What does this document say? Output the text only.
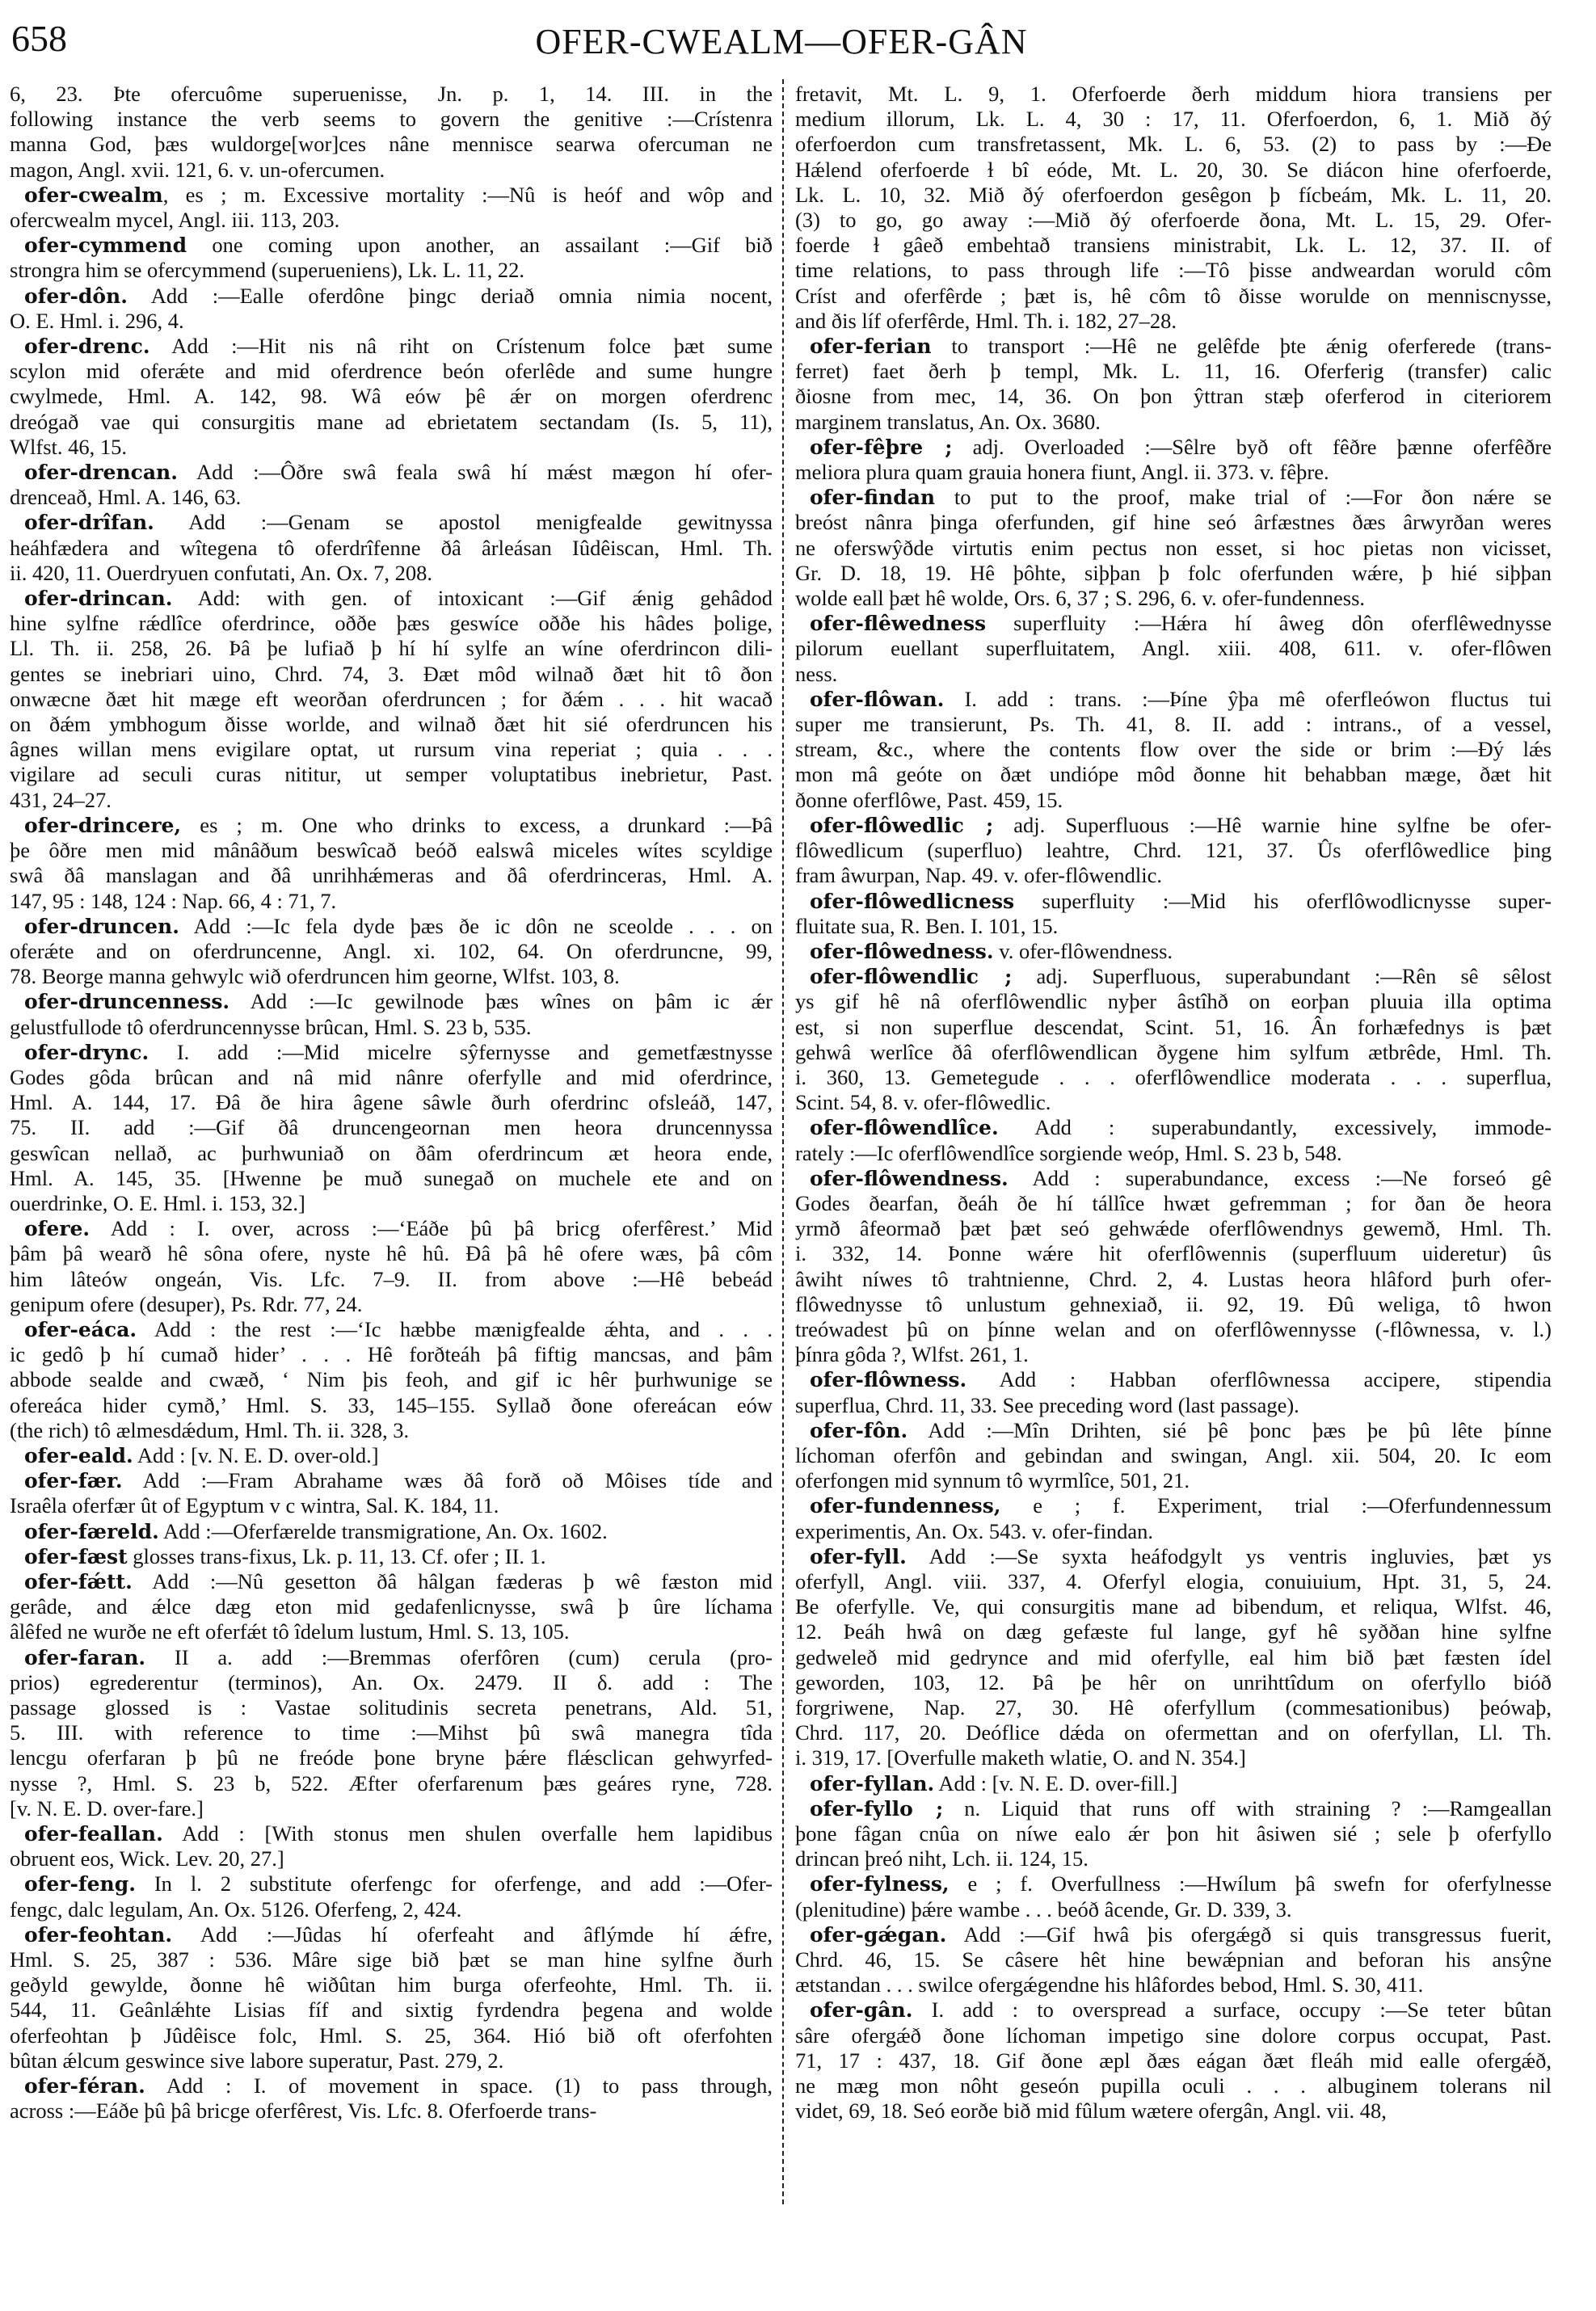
658	OFER-CWEALM—OFER-GÂN
6, 23. Þte ofercuôme superuenisse, Jn. p. 1, 14. III. in the
following instance the verb seems to govern the genitive :—Crístenra
manna God, þæs wuldorge[wor]ces nâne mennisce searwa ofercuman ne
magon, Angl. xvii. 121, 6. v. un-ofercumen.
ofer-cwealm, es ; m. Excessive mortality :—Nû is heóf and wôp and
ofercwealm mycel, Angl. iii. 113, 203.
ofer-cymmend one coming upon another, an assailant :—Gif bið
strongra him se ofercymmend (superueniens), Lk. L. 11, 22.
ofer-dôn. Add :—Ealle oferdône þingc deriað omnia nimia nocent,
O. E. Hml. i. 296, 4.
ofer-drenc. Add :—Hit nis nâ riht on Crístenum folce þæt sume
scylon mid oferǽte and mid oferdrence beón oferlêde and sume hungre
cwylmede, Hml. A. 142, 98. Wâ eów þê ǽr on morgen oferdrenc
dreógað vae qui consurgitis mane ad ebrietatem sectandam (Is. 5, 11),
Wlfst. 46, 15.
ofer-drencan. Add :—Ôðre swâ feala swâ hí mǽst mægon hí ofer-
drenceað, Hml. A. 146, 63.
ofer-drîfan. Add :—Genam se apostol menigfealde gewitnyssa
heáhfædera and wîtegena tô oferdrîfenne ðâ ârleásan Iûdêiscan, Hml. Th.
ii. 420, 11. Ouerdryuen confutati, An. Ox. 7, 208.
ofer-drincan. Add: with gen. of intoxicant :—Gif ǽnig gehâdod
hine sylfne rǽdlîce oferdrince, oððe þæs geswíce oððe his hâdes þolige,
Ll. Th. ii. 258, 26. Þâ þe lufiað þ hí hí sylfe an wíne oferdrincon dili-
gentes se inebriari uino, Chrd. 74, 3. Ðæt môd wilnað ðæt hit tô ðon
onwæcne ðæt hit mæge eft weorðan oferdruncen ; for ðǽm . . . hit wacað
on ðǽm ymbhogum ðisse worlde, and wilnað ðæt hit sié oferdruncen his
âgnes willan mens evigilare optat, ut rursum vina reperiat ; quia . . .
vigilare ad seculi curas nititur, ut semper voluptatibus inebrietur, Past.
431, 24–27.
ofer-drincere, es ; m. One who drinks to excess, a drunkard :—Þâ
þe ôðre men mid mânâðum beswîcað beóð ealswâ miceles wítes scyldige
swâ ðâ manslagan and ðâ unrihhǽmeras and ðâ oferdrinceras, Hml. A.
147, 95 : 148, 124 : Nap. 66, 4 : 71, 7.
ofer-druncen. Add :—Ic fela dyde þæs ðe ic dôn ne sceolde . . . on
oferǽte and on oferdruncenne, Angl. xi. 102, 64. On oferdruncne, 99,
78. Beorge manna gehwylc wið oferdruncen him georne, Wlfst. 103, 8.
ofer-druncenness. Add :—Ic gewilnode þæs wînes on þâm ic ǽr
gelustfullode tô oferdruncennysse brûcan, Hml. S. 23 b, 535.
ofer-drync. I. add :—Mid micelre sŷfernysse and gemetfæstnysse
Godes gôda brûcan and nâ mid nânre oferfylle and mid oferdrince,
Hml. A. 144, 17. Ðâ ðe hira âgene sâwle ðurh oferdrinc ofsleáð, 147,
75. II. add :—Gif ðâ druncengeornan men heora druncennyssa
geswîcan nellað, ac þurhwuniað on ðâm oferdrincum æt heora ende,
Hml. A. 145, 35. [Hwenne þe muð sunegað on muchele ete and on
ouerdrinke, O. E. Hml. i. 153, 32.]
ofere. Add : I. over, across :—‘Eáðe þû þâ bricg oferfêrest.’ Mid
þâm þâ wearð hê sôna ofere, nyste hê hû. Ðâ þâ hê ofere wæs, þâ côm
him lâteów ongeán, Vis. Lfc. 7–9. II. from above :—Hê bebeád
genipum ofere (desuper), Ps. Rdr. 77, 24.
ofer-eáca. Add : the rest :—‘Ic hæbbe mænigfealde ǽhta, and . . .
ic gedô þ hí cumað hider’ . . . Hê forðteáh þâ fiftig mancsas, and þâm
abbode sealde and cwæð, ‘ Nim þis feoh, and gif ic hêr þurhwunige se
ofereáca hider cymð,’ Hml. S. 33, 145–155. Syllað ðone ofereácan eów
(the rich) tô ælmesdǽdum, Hml. Th. ii. 328, 3.
ofer-eald. Add : [v. N. E. D. over-old.]
ofer-fær. Add :—Fram Abrahame wæs ðâ forð oð Môises tíde and
Israêla oferfær ût of Egyptum v c wintra, Sal. K. 184, 11.
ofer-færeld. Add :—Oferfærelde transmigratione, An. Ox. 1602.
ofer-fæst glosses trans-fixus, Lk. p. 11, 13. Cf. ofer ; II. 1.
ofer-fǽtt. Add :—Nû gesetton ðâ hâlgan fæderas þ wê fæston mid
gerâde, and ǽlce dæg eton mid gedafenlicnysse, swâ þ ûre líchama
âlêfed ne wurðe ne eft oferfǽt tô îdelum lustum, Hml. S. 13, 105.
ofer-faran. II a. add :—Bremmas oferfôren (cum) cerula (pro-
prios) egrederentur (terminos), An. Ox. 2479. II δ. add : The
passage glossed is : Vastae solitudinis secreta penetrans, Ald. 51,
5. III. with reference to time :—Mihst þû swâ manegra tîda
lencgu oferfaran þ þû ne freóde þone bryne þǽre flǽsclican gehwyrfed-
nysse ?, Hml. S. 23 b, 522. Æfter oferfarenum þæs geáres ryne, 728.
[v. N. E. D. over-fare.]
ofer-feallan. Add : [With stonus men shulen overfalle hem lapidibus
obruent eos, Wick. Lev. 20, 27.]
ofer-feng. In l. 2 substitute oferfengc for oferfenge, and add :—Ofer-
fengc, dalc legulam, An. Ox. 5126. Oferfeng, 2, 424.
ofer-feohtan. Add :—Jûdas hí oferfeaht and âflýmde hí ǽfre,
Hml. S. 25, 387 : 536. Mâre sige bið þæt se man hine sylfne ðurh
geðyld gewylde, ðonne hê wiðûtan him burga oferfeohte, Hml. Th. ii.
544, 11. Geânlǽhte Lisias fíf and sixtig fyrdendra þegena and wolde
oferfeohtan þ Jûdêisce folc, Hml. S. 25, 364. Hió bið oft oferfohten
bûtan ǽlcum geswince sive labore superatur, Past. 279, 2.
ofer-féran. Add : I. of movement in space. (1) to pass through,
across :—Eáðe þû þâ bricge oferfêrest, Vis. Lfc. 8. Oferfoerde trans-
fretavit, Mt. L. 9, 1. Oferfoerde ðerh middum hiora transiens per
medium illorum, Lk. L. 4, 30 : 17, 11. Oferfoerdon, 6, 1. Mið ðý
oferfoerdon cum transfretassent, Mk. L. 6, 53. (2) to pass by :—Ðe
Hǽlend oferfoerde ɫ bî eóde, Mt. L. 20, 30. Se diácon hine oferfoerde,
Lk. L. 10, 32. Mið ðý oferfoerdon gesêgon þ fícbeám, Mk. L. 11, 20.
(3) to go, go away :—Mið ðý oferfoerde ðona, Mt. L. 15, 29. Ofer-
foerde ɫ gâeð embehtað transiens ministrabit, Lk. L. 12, 37. II. of
time relations, to pass through life :—Tô þisse andweardan woruld côm
Críst and oferfêrde ; þæt is, hê côm tô ðisse worulde on menniscnysse,
and ðis líf oferfêrde, Hml. Th. i. 182, 27–28.
ofer-ferian to transport :—Hê ne gelêfde þte ǽnig oferferede (trans-
ferret) faet ðerh þ templ, Mk. L. 11, 16. Oferferig (transfer) calic
ðiosne from mec, 14, 36. On þon ŷttran stæþ oferferod in citeriorem
marginem translatus, An. Ox. 3680.
ofer-fêþre ; adj. Overloaded :—Sêlre byð oft fêðre þænne oferfêðre
meliora plura quam grauia honera fiunt, Angl. ii. 373. v. fêþre.
ofer-findan to put to the proof, make trial of :—For ðon nǽre se
breóst nânra þinga oferfunden, gif hine seó ârfæstnes ðæs ârwyrðan weres
ne oferswŷðde virtutis enim pectus non esset, si hoc pietas non vicisset,
Gr. D. 18, 19. Hê þôhte, siþþan þ folc oferfunden wǽre, þ hié siþþan
wolde eall þæt hê wolde, Ors. 6, 37 ; S. 296, 6. v. ofer-fundenness.
ofer-flêwedness superfluity :—Hǽra hí âweg dôn oferflêwednysse
pilorum euellant superfluitatem, Angl. xiii. 408, 611. v. ofer-flôwen
ness.
ofer-flôwan. I. add : trans. :—Þíne ŷþa mê oferfleówon fluctus tui
super me transierunt, Ps. Th. 41, 8. II. add : intrans., of a vessel,
stream, &c., where the contents flow over the side or brim :—Ðý lǽs
mon mâ geóte on ðæt undiópe môd ðonne hit behabban mæge, ðæt hit
ðonne oferflôwe, Past. 459, 15.
ofer-flôwedlic ; adj. Superfluous :—Hê warnie hine sylfne be ofer-
flôwedlicum (superfluo) leahtre, Chrd. 121, 37. Ûs oferflôwedlice þing
fram âwurpan, Nap. 49. v. ofer-flôwendlic.
ofer-flôwedlicness superfluity :—Mid his oferflôwodlicnysse super-
fluitate sua, R. Ben. I. 101, 15.
ofer-flôwedness. v. ofer-flôwendness.
ofer-flôwendlic ; adj. Superfluous, superabundant :—Rên sê sêlost
ys gif hê nâ oferflôwendlic nyþer âstîhð on eorþan pluuia illa optima
est, si non superflue descendat, Scint. 51, 16. Ân forhæfednys is þæt
gehwâ werlîce ðâ oferflôwendlican ðygene him sylfum ætbrêde, Hml. Th.
i. 360, 13. Gemetegude . . . oferflôwendlice moderata . . . superflua,
Scint. 54, 8. v. ofer-flôwedlic.
ofer-flôwendlîce. Add : superabundantly, excessively, immode-
rately :—Ic oferflôwendlîce sorgiende weóp, Hml. S. 23 b, 548.
ofer-flôwendness. Add : superabundance, excess :—Ne forseó gê
Godes ðearfan, ðeáh ðe hí tállîce hwæt gefremman ; for ðan ðe heora
yrmð âfeormað þæt þæt seó gehwǽde oferflôwendnys gewemð, Hml. Th.
i. 332, 14. Þonne wǽre hit oferflôwennis (superfluum uideretur) ûs
âwiht níwes tô trahtnienne, Chrd. 2, 4. Lustas heora hlâford þurh ofer-
flôwednysse tô unlustum gehnexiað, ii. 92, 19. Ðû weliga, tô hwon
treówadest þû on þínne welan and on oferflôwennysse (-flôwnessa, v. l.)
þínra gôda ?, Wlfst. 261, 1.
ofer-flôwness. Add : Habban oferflôwnessa accipere, stipendia
superflua, Chrd. 11, 33. See preceding word (last passage).
ofer-fôn. Add :—Mîn Drihten, sié þê þonc þæs þe þû lête þínne
líchoman oferfôn and gebindan and swingan, Angl. xii. 504, 20. Ic eom
oferfongen mid synnum tô wyrmlîce, 501, 21.
ofer-fundenness, e ; f. Experiment, trial :—Oferfundennessum
experimentis, An. Ox. 543. v. ofer-findan.
ofer-fyll. Add :—Se syxta heáfodgylt ys ventris ingluvies, þæt ys
oferfyll, Angl. viii. 337, 4. Oferfyl elogia, conuiuium, Hpt. 31, 5, 24.
Be oferfylle. Ve, qui consurgitis mane ad bibendum, et reliqua, Wlfst. 46,
12. Þeáh hwâ on dæg gefæste ful lange, gyf hê syððan hine sylfne
gedweleð mid gedrynce and mid oferfylle, eal him bið þæt fæsten ídel
geworden, 103, 12. Þâ þe hêr on unrihttîdum on oferfyllo bióð
forgriwene, Nap. 27, 30. Hê oferfyllum (commesationibus) þeówaþ,
Chrd. 117, 20. Deóflice dǽda on ofermettan and on oferfyllan, Ll. Th.
i. 319, 17. [Overfulle maketh wlatie, O. and N. 354.]
ofer-fyllan. Add : [v. N. E. D. over-fill.]
ofer-fyllo ; n. Liquid that runs off with straining ? :—Ramgeallan
þone fâgan cnûa on níwe ealo ǽr þon hit âsiwen sié ; sele þ oferfyllo
drincan þreó niht, Lch. ii. 124, 15.
ofer-fylness, e ; f. Overfullness :—Hwílum þâ swefn for oferfylnesse
(plenitudine) þǽre wambe . . . beóð âcende, Gr. D. 339, 3.
ofer-gǽgan. Add :—Gif hwâ þis ofergǽgð si quis transgressus fuerit,
Chrd. 46, 15. Se câsere hêt hine bewǽpnian and beforan his ansŷne
ætstandan . . . swilce ofergǽgendne his hlâfordes bebod, Hml. S. 30, 411.
ofer-gân. I. add : to overspread a surface, occupy :—Se teter bûtan
sâre ofergǽð ðone líchoman impetigo sine dolore corpus occupat, Past.
71, 17 : 437, 18. Gif ðone æpl ðæs eágan ðæt fleáh mid ealle ofergǽð,
ne mæg mon nôht geseón pupilla oculi . . . albuginem tolerans nil
videt, 69, 18. Seó eorðe bið mid fûlum wætere ofergân, Angl. vii. 48,
